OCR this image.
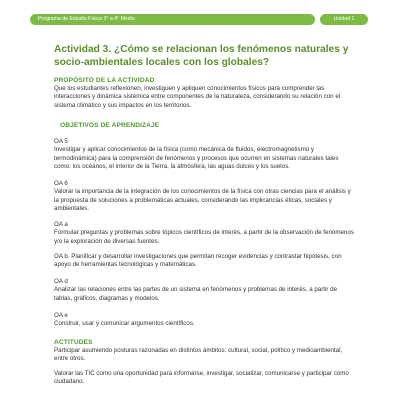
Programa de Estudio Física 3° a 4° Medio	Unidad 1
Actividad 3. ¿Cómo se relacionan los fenómenos naturales y socio-ambientales locales con los globales?

PROPÓSITO DE LA ACTIVIDAD

Que los estudiantes reflexionen, investiguen y apliquen conocimientos físicos para comprender las interacciones y dinámica sistémica entre componentes de la naturaleza, considerando su relación con el sistema climático y sus impactos en los territorios.

OBJETIVOS DE APRENDIZAJE

OA 5

Investigar y aplicar conocimientos de la física (como mecánica de fluidos, electromagnetismo y termodinámica) para la comprensión de fenómenos y procesos que ocurren en sistemas naturales tales como: los océanos, el interior de la Tierra, la atmósfera, las aguas dulces y los suelos.

OA 6

Valorar la importancia de la integración de los conocimientos de la física con otras ciencias para el análisis y la propuesta de soluciones a problemáticas actuales, considerando las implicancias éticas, sociales y ambientales.

OA a

Formular preguntas y problemas sobre tópicos científicos de interés, a partir de la observación de fenómenos y/o la exploración de diversas fuentes.

OA b. Planificar y desarrollar investigaciones que permitan recoger evidencias y contrastar hipótesis, con apoyo de herramientas tecnológicas y matemáticas.

OA d

Analizar las relaciones entre las partes de un sistema en fenómenos y problemas de interés, a partir de tablas, gráficos, diagramas y modelos.

OA e

Construir, usar y comunicar argumentos científicos.

ACTITUDES

Participar asumiendo posturas razonadas en distintos ámbitos: cultural, social, político y medioambiental, entre otros.

Valorar las TIC como una oportunidad para informarse, investigar, socializar, comunicarse y participar como ciudadano.
